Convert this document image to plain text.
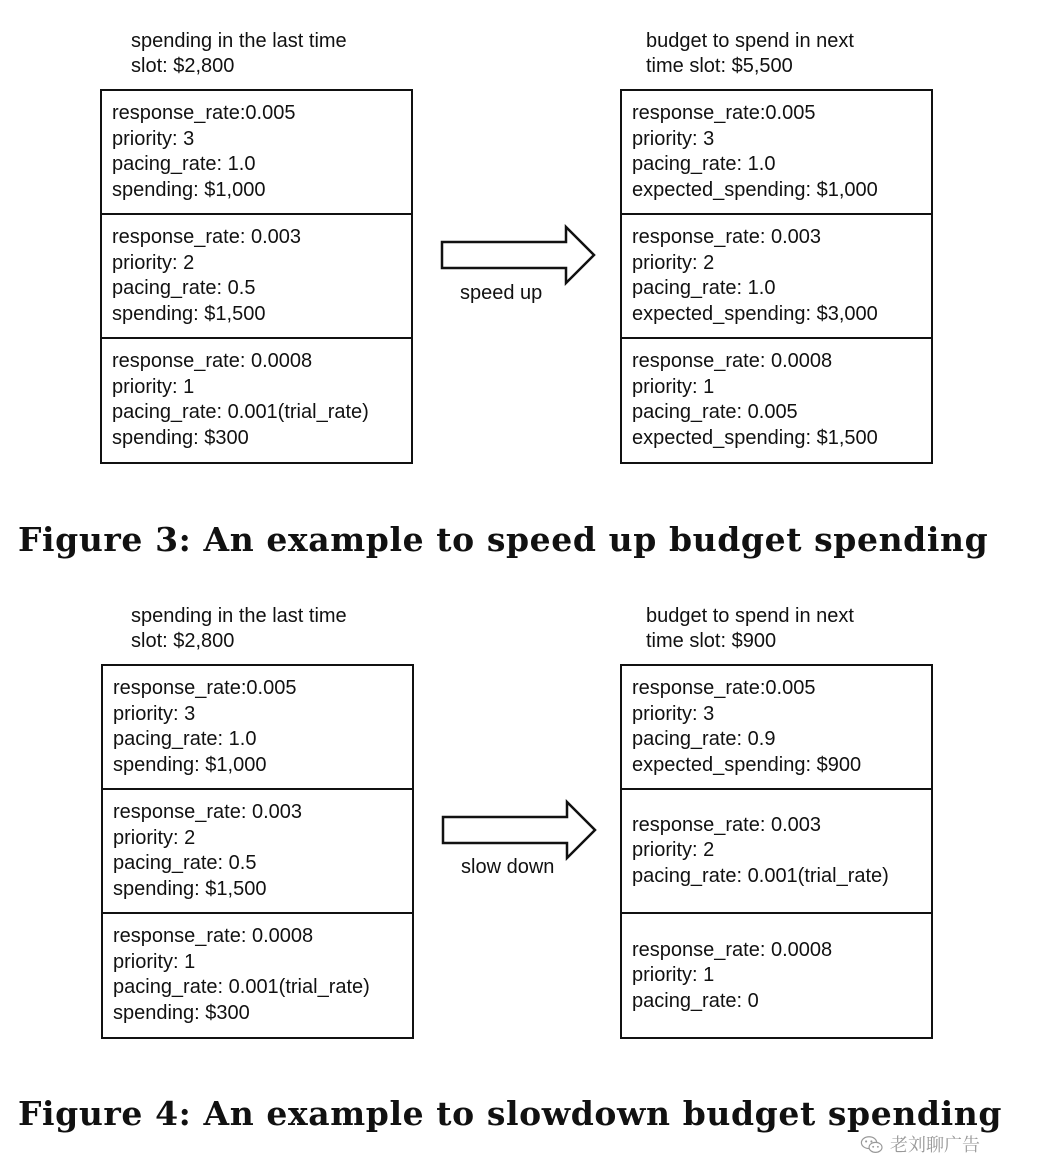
spending in the last time
slot: $2,800
budget to spend in next
time slot: $5,500
response_rate:0.005
priority: 3
pacing_rate: 1.0
spending: $1,000
response_rate: 0.003
priority: 2
pacing_rate: 0.5
spending: $1,500
response_rate: 0.0008
priority: 1
pacing_rate: 0.001(trial_rate)
spending: $300
speed up
response_rate:0.005
priority: 3
pacing_rate: 1.0
expected_spending: $1,000
response_rate: 0.003
priority: 2
pacing_rate: 1.0
expected_spending: $3,000
response_rate: 0.0008
priority: 1
pacing_rate: 0.005
expected_spending: $1,500
Figure 3: An example to speed up budget spending
spending in the last time
slot: $2,800
budget to spend in next
time slot: $900
response_rate:0.005
priority: 3
pacing_rate: 1.0
spending: $1,000
response_rate: 0.003
priority: 2
pacing_rate: 0.5
spending: $1,500
response_rate: 0.0008
priority: 1
pacing_rate: 0.001(trial_rate)
spending: $300
slow down
response_rate:0.005
priority: 3
pacing_rate: 0.9
expected_spending: $900
response_rate: 0.003
priority: 2
pacing_rate: 0.001(trial_rate)
response_rate: 0.0008
priority: 1
pacing_rate: 0
Figure 4: An example to slowdown budget spending
老刘聊广告
